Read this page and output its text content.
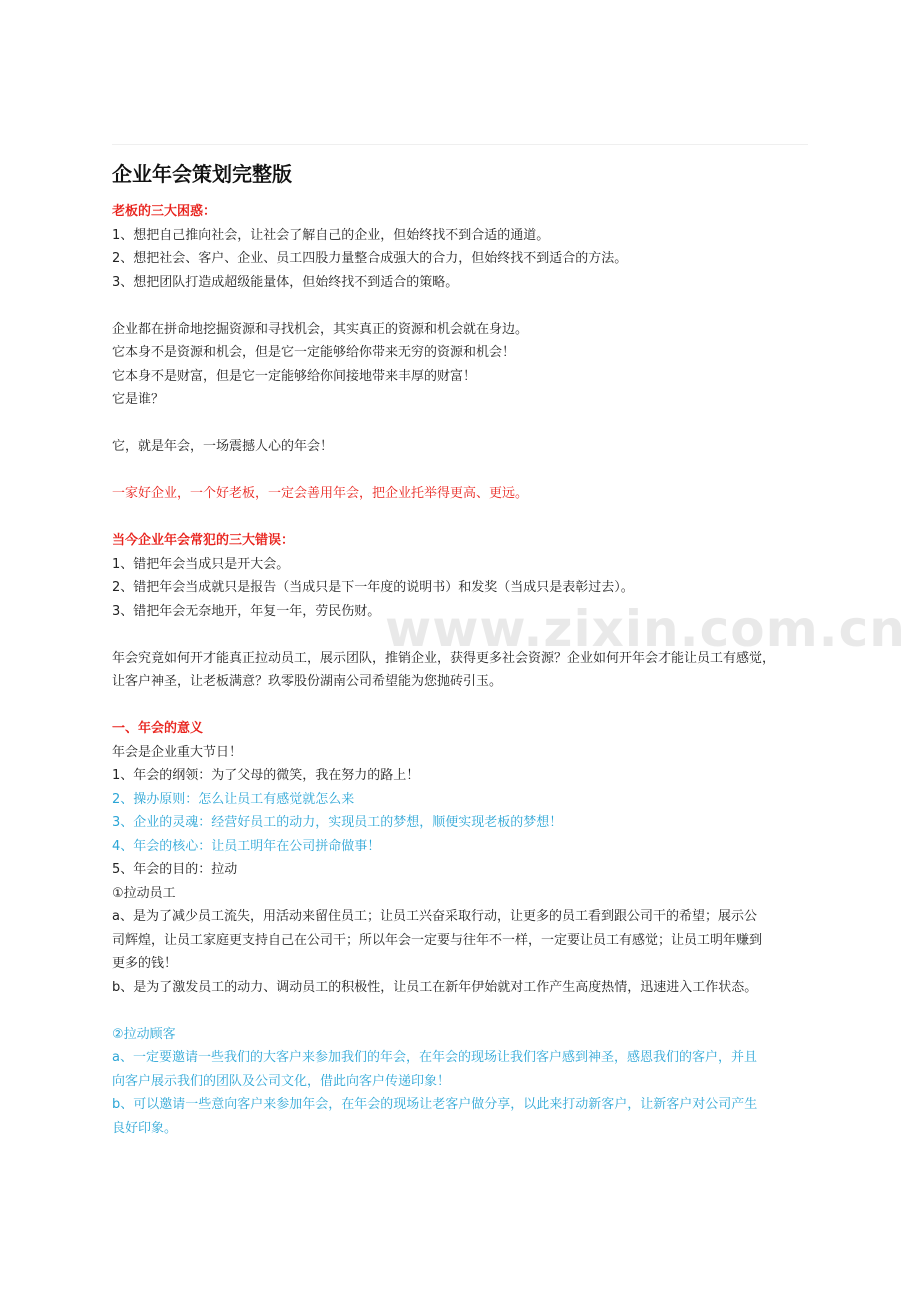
企业年会策划完整版
老板的三大困惑：
1、想把自己推向社会，让社会了解自己的企业，但始终找不到合适的通道。
2、想把社会、客户、企业、员工四股力量整合成强大的合力，但始终找不到适合的方法。
3、想把团队打造成超级能量体，但始终找不到适合的策略。
企业都在拼命地挖掘资源和寻找机会，其实真正的资源和机会就在身边。
它本身不是资源和机会，但是它一定能够给你带来无穷的资源和机会！
它本身不是财富，但是它一定能够给你间接地带来丰厚的财富！
它是谁？
它，就是年会，一场震撼人心的年会！
一家好企业，一个好老板，一定会善用年会，把企业托举得更高、更远。
当今企业年会常犯的三大错误：
1、错把年会当成只是开大会。
2、错把年会当成就只是报告（当成只是下一年度的说明书）和发奖（当成只是表彰过去）。
3、错把年会无奈地开，年复一年，劳民伤财。
年会究竟如何开才能真正拉动员工，展示团队，推销企业，获得更多社会资源？企业如何开年会才能让员工有感觉，
让客户神圣，让老板满意？玖零股份湖南公司希望能为您抛砖引玉。
一、年会的意义
年会是企业重大节日！
1、年会的纲领：为了父母的微笑，我在努力的路上！
2、操办原则：怎么让员工有感觉就怎么来
3、企业的灵魂：经营好员工的动力，实现员工的梦想，顺便实现老板的梦想！
4、年会的核心：让员工明年在公司拼命做事！
5、年会的目的：拉动
①拉动员工
a、是为了减少员工流失，用活动来留住员工；让员工兴奋采取行动，让更多的员工看到跟公司干的希望；展示公
司辉煌，让员工家庭更支持自己在公司干；所以年会一定要与往年不一样，一定要让员工有感觉；让员工明年赚到
更多的钱！
b、是为了激发员工的动力、调动员工的积极性，让员工在新年伊始就对工作产生高度热情，迅速进入工作状态。
②拉动顾客
a、一定要邀请一些我们的大客户来参加我们的年会，在年会的现场让我们客户感到神圣，感恩我们的客户，并且
向客户展示我们的团队及公司文化，借此向客户传递印象！
b、可以邀请一些意向客户来参加年会，在年会的现场让老客户做分享，以此来打动新客户，让新客户对公司产生
良好印象。
www.zixin.com.cn
